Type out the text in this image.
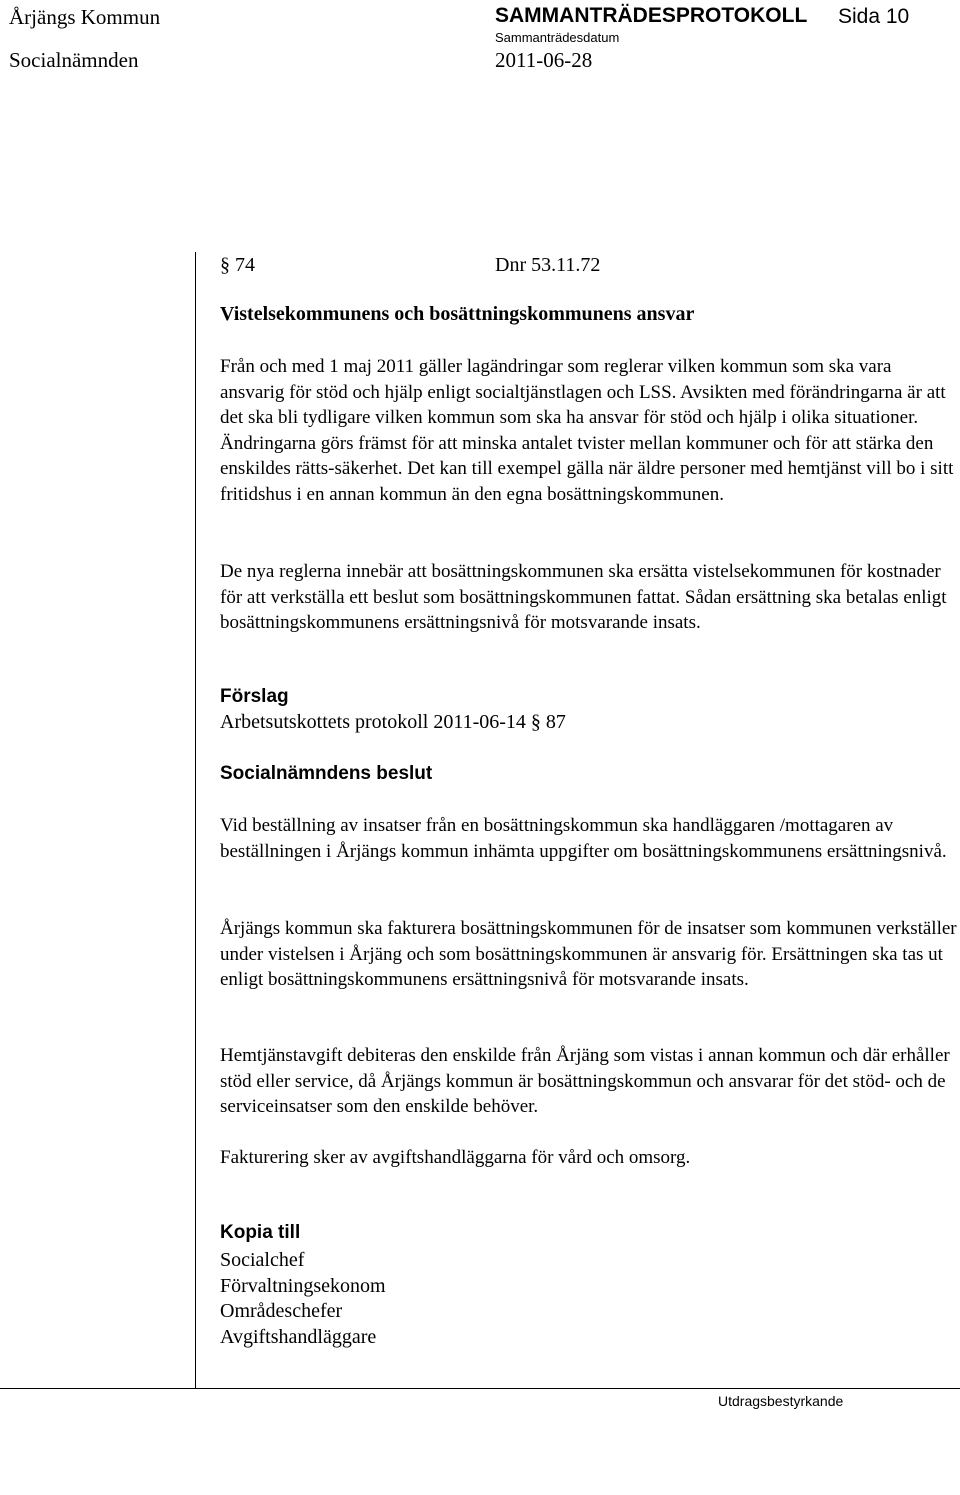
Årjängs Kommun	SAMMANTRÄDESPROTOKOLL Sida 10
Socialnämnden
Sammanträdesdatum
2011-06-28
§ 74	Dnr 53.11.72
Vistelsekommunens och bosättningskommunens ansvar

Från och med 1 maj 2011 gäller lagändringar som reglerar vilken kommun som ska vara ansvarig för stöd och hjälp enligt socialtjänstlagen och LSS. Avsikten med förändringarna är att det ska bli tydligare vilken kommun som ska ha ansvar för stöd och hjälp i olika situationer. Ändringarna görs främst för att minska antalet tvister mellan kommuner och för att stärka den enskildes rätts-säkerhet. Det kan till exempel gälla när äldre personer med hemtjänst vill bo i sitt fritidshus i en annan kommun än den egna bosättningskommunen.

De nya reglerna innebär att bosättningskommunen ska ersätta vistelsekommunen för kostnader för att verkställa ett beslut som bosättningskommunen fattat. Sådan ersättning ska betalas enligt bosättningskommunens ersättningsnivå för motsvarande insats.

Förslag
Arbetsutskottets protokoll 2011-06-14 § 87
Socialnämndens beslut

Vid beställning av insatser från en bosättningskommun ska handläggaren /mottagaren av beställningen i Årjängs kommun inhämta uppgifter om bosättningskommunens ersättningsnivå.

Årjängs kommun ska fakturera bosättningskommunen för de insatser som kommunen verkställer under vistelsen i Årjäng och som bosättningskommunen är ansvarig för. Ersättningen ska tas ut enligt bosättningskommunens ersättningsnivå för motsvarande insats.

Hemtjänstavgift debiteras den enskilde från Årjäng som vistas i annan kommun och där erhåller stöd eller service, då Årjängs kommun är bosättningskommun och ansvarar för det stöd- och de serviceinsatser som den enskilde behöver.

Fakturering sker av avgiftshandläggarna för vård och omsorg.

Kopia till
Socialchef
Förvaltningsekonom
Områdeschefer
Avgiftshandläggare
Utdragsbestyrkande
